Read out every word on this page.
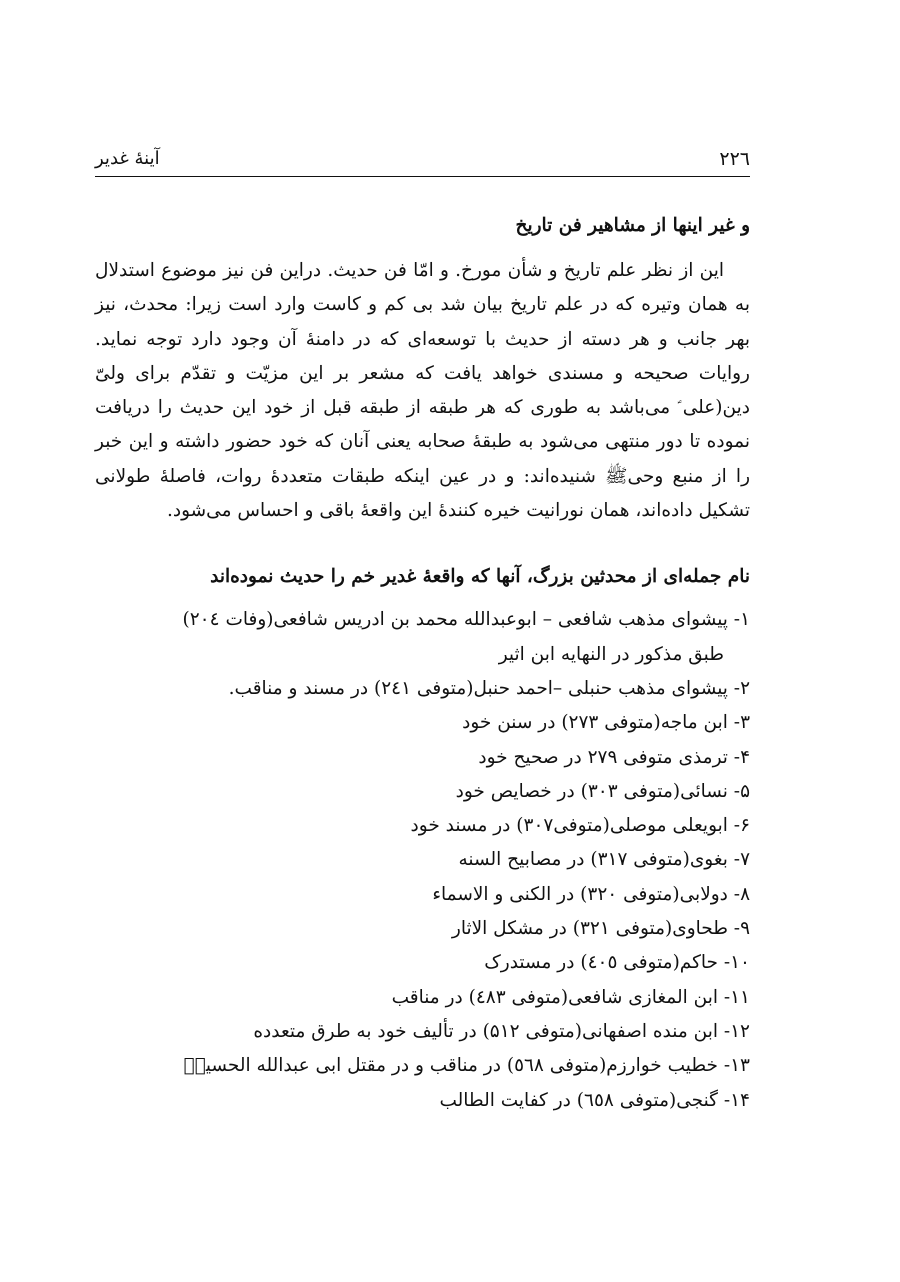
۲۲٦
آینۀ غدیر
و غیر اینها از مشاهیر فن تاریخ

این از نظر علم تاریخ و شأن مورخ. و امّا فن حدیث. دراین فن نیز موضوع استدلال به همان وتیره که در علم تاریخ بیان شد بی کم و کاست وارد است زیرا: محدث، نیز بهر جانب و هر دسته از حدیث با توسعه‌ای که در دامنۀ آن وجود دارد توجه نماید. روایات صحیحه و مسندی خواهد یافت که مشعر بر این مزیّت و تقدّم برای ولیّ دین(علی ؑ می‌باشد به طوری که هر طبقه از طبقه قبل از خود این حدیث را دریافت نموده تا دور منتهی می‌شود به طبقۀ صحابه یعنی آنان که خود حضور داشته و این خبر را از منبع وحیﷺ شنیده‌اند: و در عین اینکه طبقات متعددۀ روات، فاصلۀ طولانی تشکیل داده‌اند، همان نورانیت خیره کنندۀ این واقعۀ باقی و احساس می‌شود.

نام جمله‌ای از محدثین بزرگ، آنها که واقعۀ غدیر خم را حدیث نموده‌اند
۱- پیشوای مذهب شافعی – ابوعبدالله محمد بن ادریس شافعی(وفات ٢٠٤)
طبق مذکور در النهایه ابن اثیر
۲- پیشوای مذهب حنبلی –احمد حنبل(متوفی ٢٤١) در مسند و مناقب.
۳- ابن ماجه(متوفی ۲۷۳) در سنن خود
۴- ترمذی متوفی ۲۷۹ در صحیح خود
۵- نسائی(متوفی ۳۰۳) در خصایص خود
۶- ابویعلی موصلی(متوفی۳۰۷) در مسند خود
۷- بغوی(متوفی ۳۱۷) در مصابیح السنه
۸- دولابی(متوفی ۳۲۰) در الکنی و الاسماء
۹- طحاوی(متوفی ۳۲۱) در مشکل الاثار
۱۰- حاکم(متوفی ٤٠٥) در مستدرک
۱۱- ابن المغازی شافعی(متوفی ٤٨٣) در مناقب
۱۲- ابن منده اصفهانی(متوفی ۵۱۲) در تألیف خود به طرق متعدده
۱۳- خطیب خوارزم(متوفی ٥٦٨) در مناقب و در مقتل ابی عبدالله الحسینؑ
۱۴- گنجی(متوفی ٦٥٨) در کفایت الطالب
